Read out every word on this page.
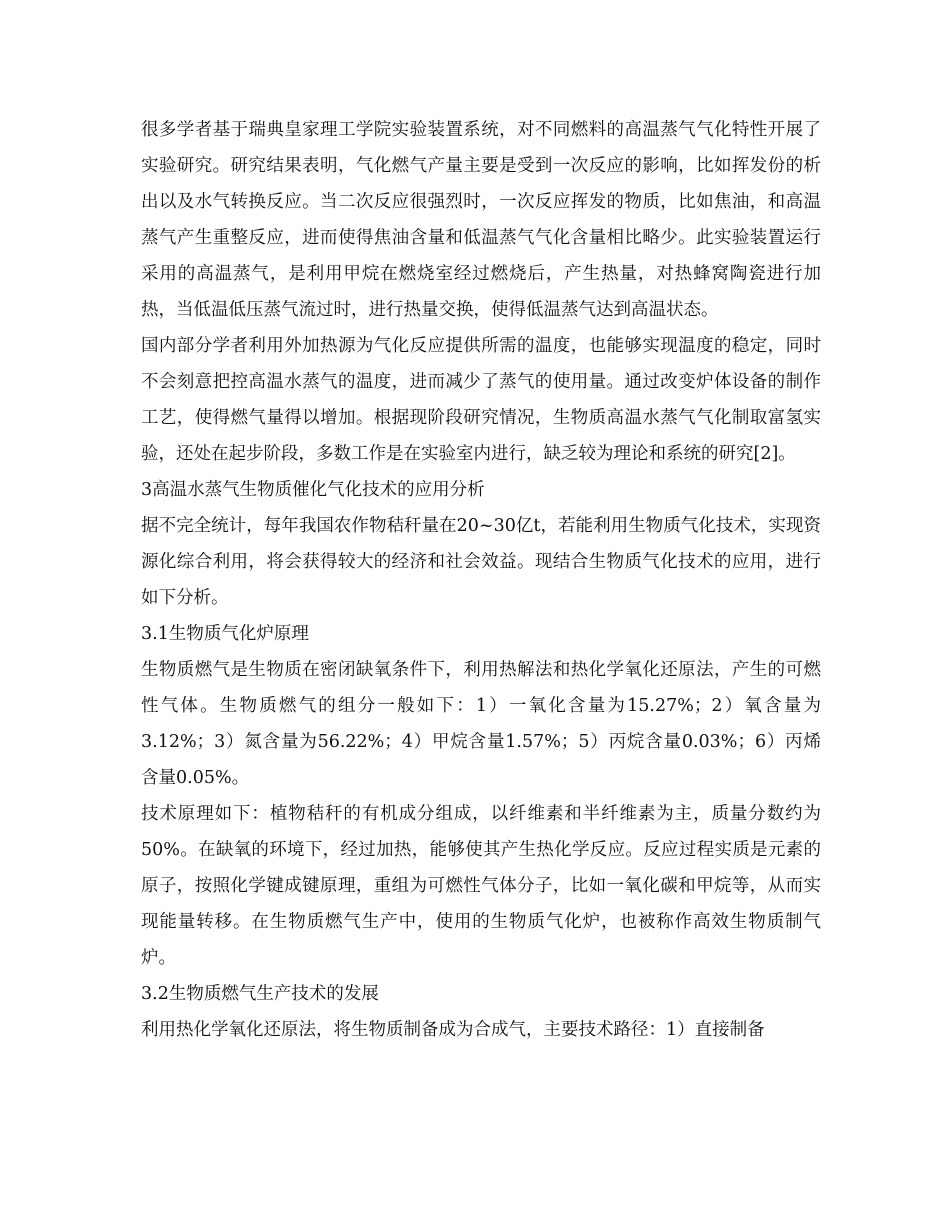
很多学者基于瑞典皇家理工学院实验装置系统，对不同燃料的高温蒸气气化特性开展了实验研究。研究结果表明，气化燃气产量主要是受到一次反应的影响，比如挥发份的析出以及水气转换反应。当二次反应很强烈时，一次反应挥发的物质，比如焦油，和高温蒸气产生重整反应，进而使得焦油含量和低温蒸气气化含量相比略少。此实验装置运行采用的高温蒸气，是利用甲烷在燃烧室经过燃烧后，产生热量，对热蜂窝陶瓷进行加热，当低温低压蒸气流过时，进行热量交换，使得低温蒸气达到高温状态。

国内部分学者利用外加热源为气化反应提供所需的温度，也能够实现温度的稳定，同时不会刻意把控高温水蒸气的温度，进而减少了蒸气的使用量。通过改变炉体设备的制作工艺，使得燃气量得以增加。根据现阶段研究情况，生物质高温水蒸气气化制取富氢实验，还处在起步阶段，多数工作是在实验室内进行，缺乏较为理论和系统的研究[2]。

3高温水蒸气生物质催化气化技术的应用分析

据不完全统计，每年我国农作物秸秆量在20~30亿t，若能利用生物质气化技术，实现资源化综合利用，将会获得较大的经济和社会效益。现结合生物质气化技术的应用，进行如下分析。

3.1生物质气化炉原理

生物质燃气是生物质在密闭缺氧条件下，利用热解法和热化学氧化还原法，产生的可燃性气体。生物质燃气的组分一般如下：1）一氧化含量为15.27%；2）氧含量为3.12%；3）氮含量为56.22%；4）甲烷含量1.57%；5）丙烷含量0.03%；6）丙烯含量0.05%。

技术原理如下：植物秸秆的有机成分组成，以纤维素和半纤维素为主，质量分数约为50%。在缺氧的环境下，经过加热，能够使其产生热化学反应。反应过程实质是元素的原子，按照化学键成键原理，重组为可燃性气体分子，比如一氧化碳和甲烷等，从而实现能量转移。在生物质燃气生产中，使用的生物质气化炉，也被称作高效生物质制气炉。

3.2生物质燃气生产技术的发展

利用热化学氧化还原法，将生物质制备成为合成气，主要技术路径：1）直接制备
